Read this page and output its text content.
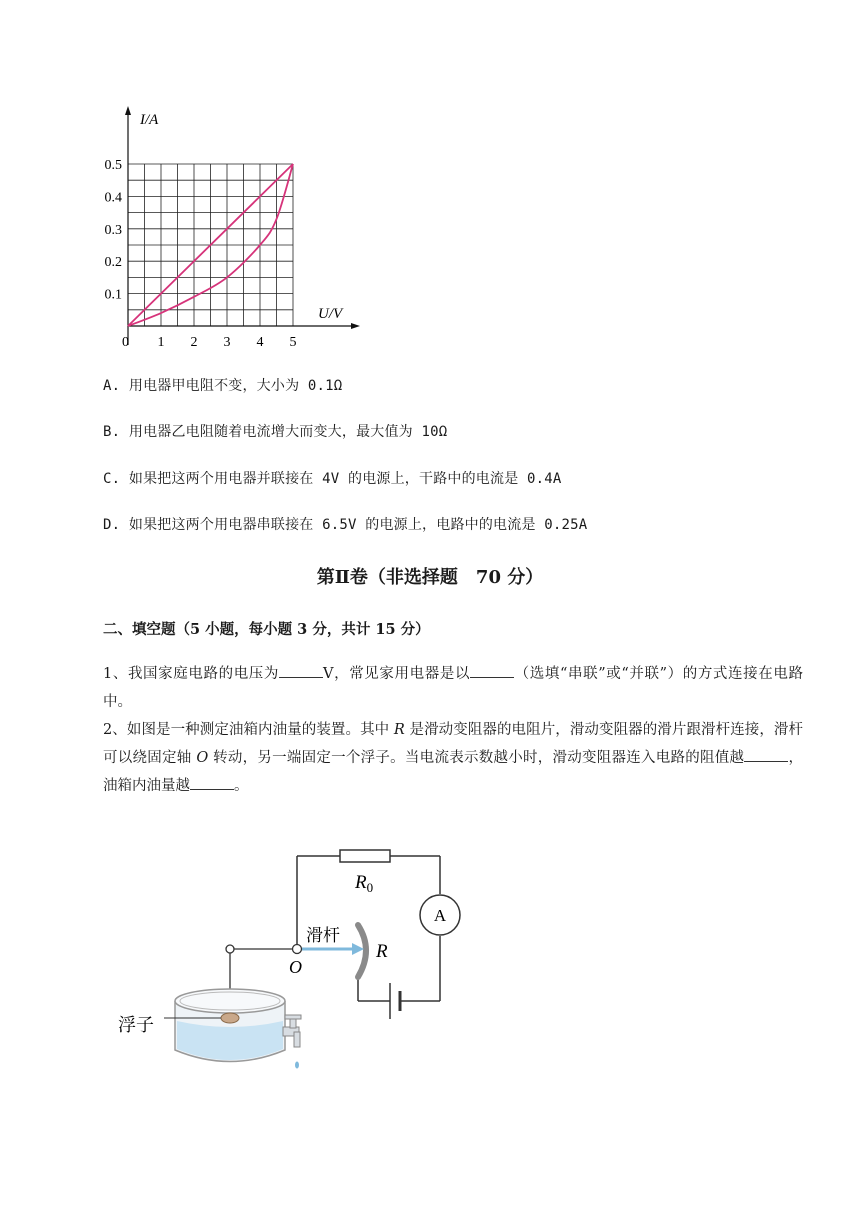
I/A
U/V
0 1 2 3 4 5
0.1
0.2
0.3
0.4
0.5
A. 用电器甲电阻不变，大小为 0.1Ω
B. 用电器乙电阻随着电流增大而变大，最大值为 10Ω
C. 如果把这两个用电器并联接在 4V 的电源上，干路中的电流是 0.4A
D. 如果把这两个用电器串联接在 6.5V 的电源上，电路中的电流是 0.25A
第Ⅱ卷（非选择题　70 分）
二、填空题（5 小题，每小题 3 分，共计 15 分）
1、我国家庭电路的电压为	V，常见家用电器是以	（选填“串联”或“并联”）的方式连接在电路中。
2、如图是一种测定油箱内油量的装置。其中 R 是滑动变阻器的电阻片，滑动变阻器的滑片跟滑杆连接，滑杆可以绕固定轴 O 转动，另一端固定一个浮子。当电流表示数越小时，滑动变阻器连入电路的阻值越	，油箱内油量越	。
$R_0$
A
R
滑杆
O
浮子
